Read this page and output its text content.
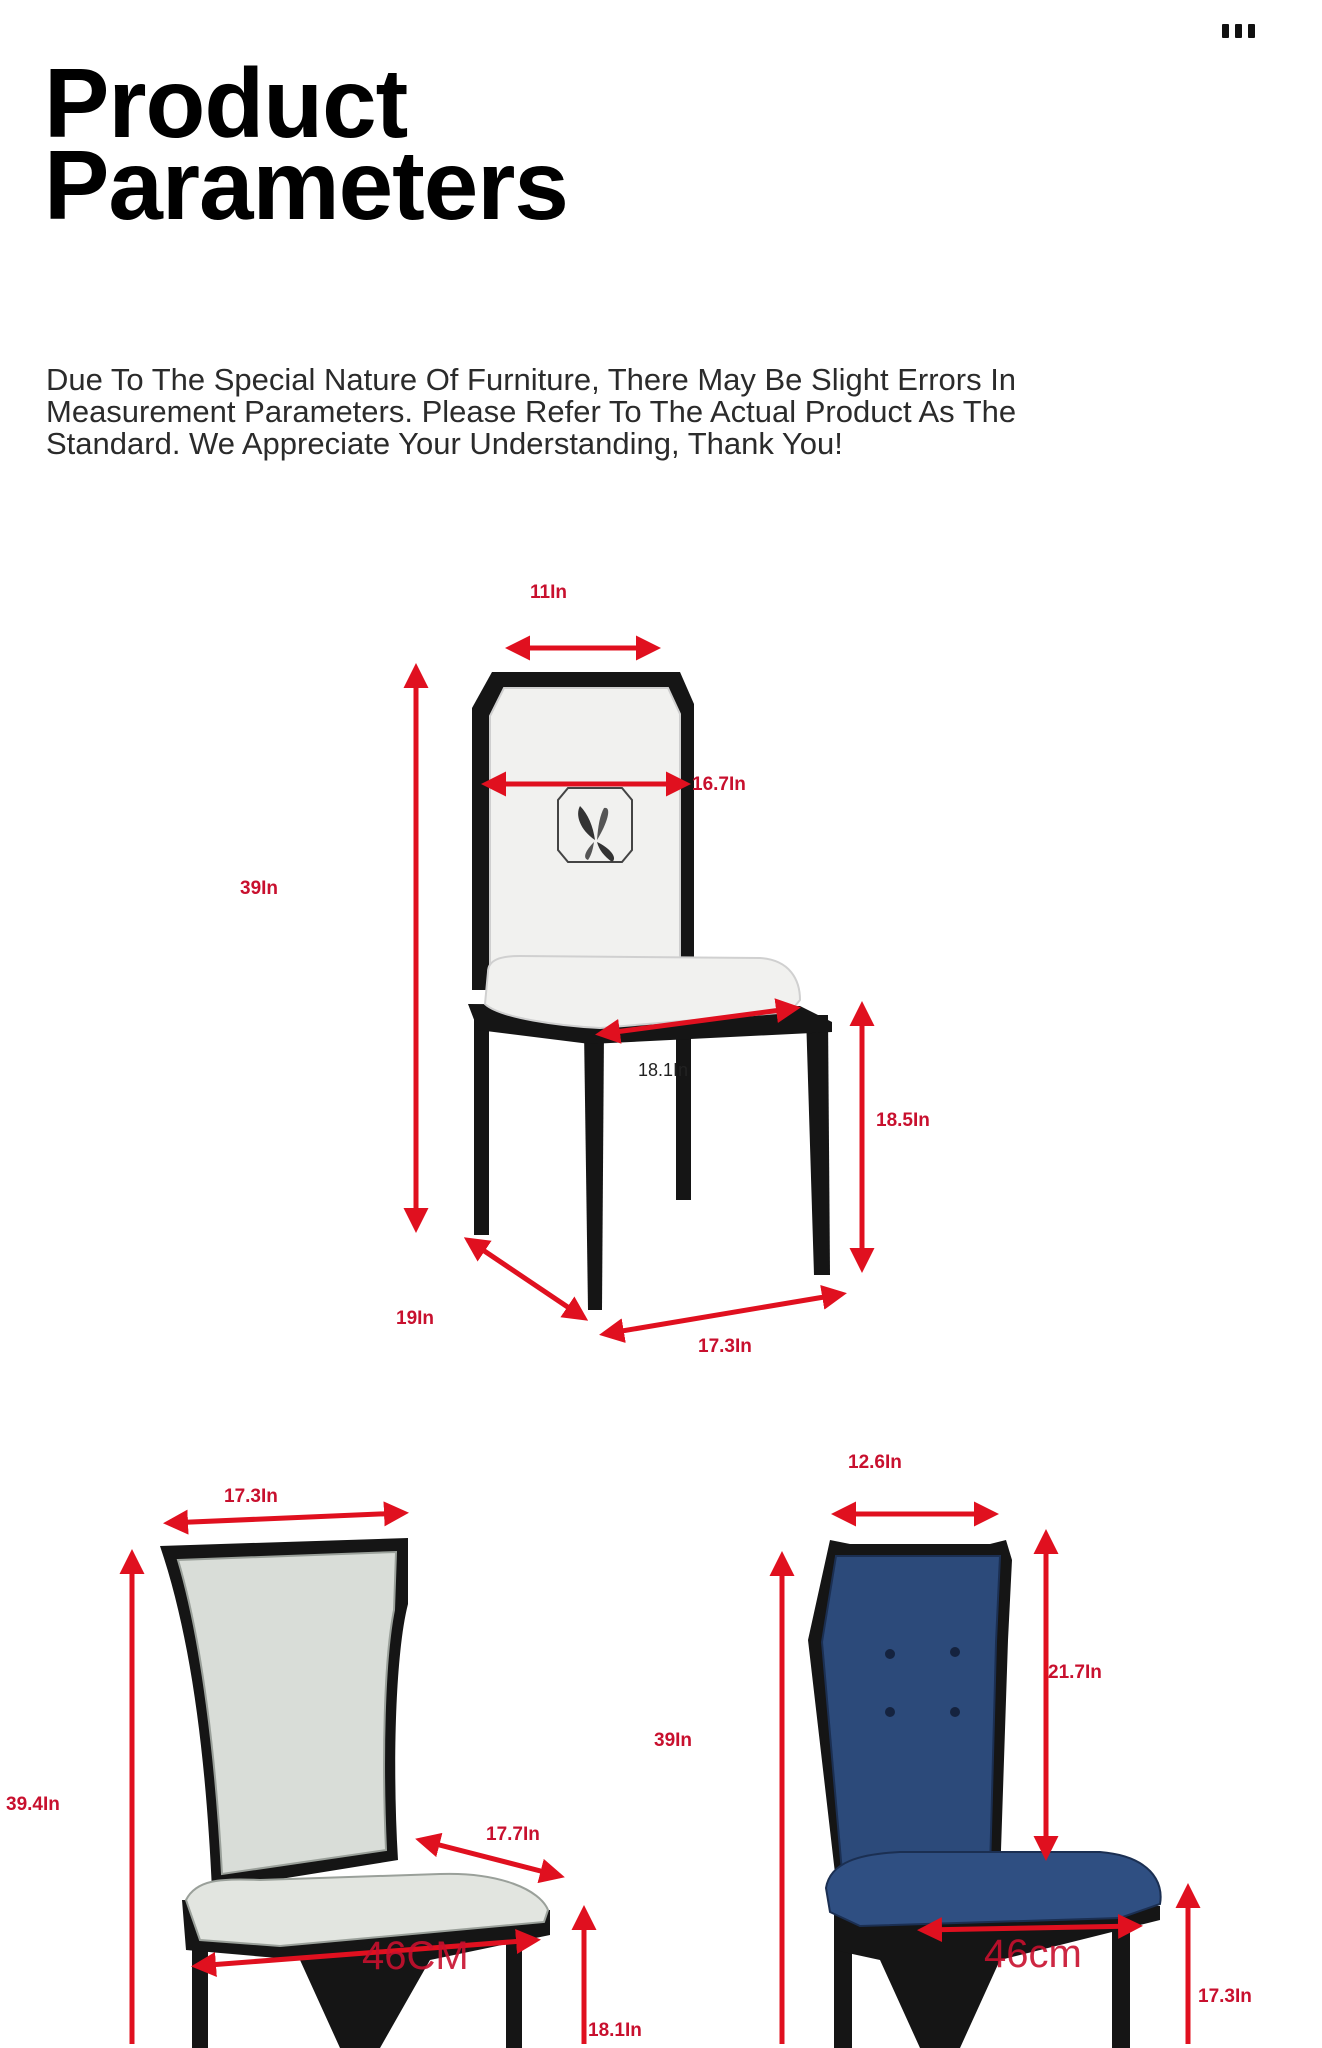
Product
Parameters
Due To The Special Nature Of Furniture, There May Be Slight Errors In
Measurement Parameters. Please Refer To The Actual Product As The
Standard. We Appreciate Your Understanding, Thank You!
11In
16.7In
39In
18.1In
18.5In
19In
17.3In
17.3In
39.4In
17.7In
46CM
18.1In
12.6In
39In
21.7In
46cm
17.3In
